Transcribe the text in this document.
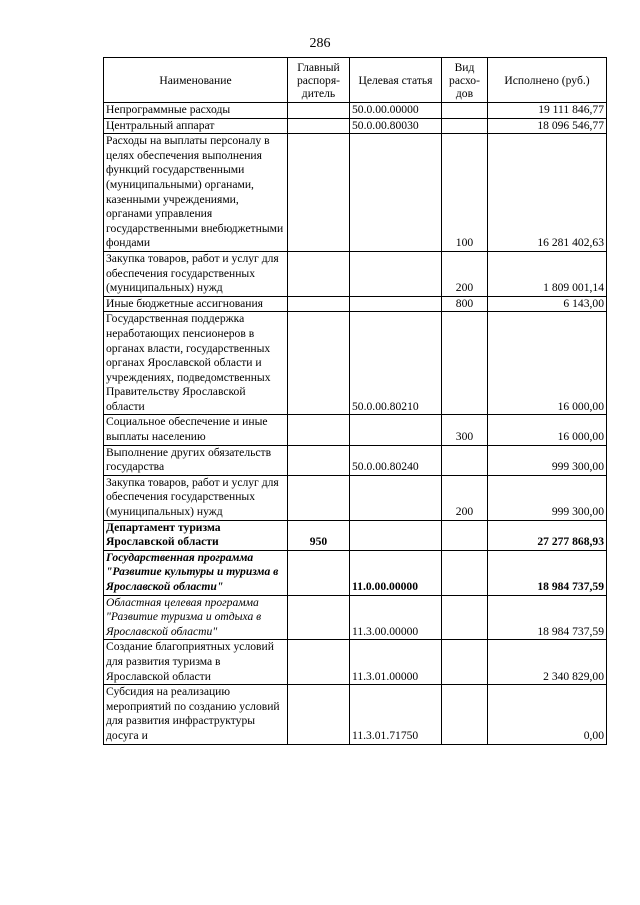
286
Наименование	Главный распоря-дитель	Целевая статья	Вид расхо-дов	Исполнено (руб.)
Непрограммные расходы		50.0.00.00000		19 111 846,77
Центральный аппарат		50.0.00.80030		18 096 546,77
Расходы на выплаты персоналу в целях обеспечения выполнения функций государственными (муниципальными) органами, казенными учреждениями, органами управления государственными внебюджетными фондами			100	16 281 402,63
Закупка товаров, работ и услуг для обеспечения государственных (муниципальных) нужд			200	1 809 001,14
Иные бюджетные ассигнования			800	6 143,00
Государственная поддержка неработающих пенсионеров в органах власти, государственных органах Ярославской области и учреждениях, подведомственных Правительству Ярославской области		50.0.00.80210		16 000,00
Социальное обеспечение и иные выплаты населению			300	16 000,00
Выполнение других обязательств государства		50.0.00.80240		999 300,00
Закупка товаров, работ и услуг для обеспечения государственных (муниципальных) нужд			200	999 300,00
Департамент туризма Ярославской области	950			27 277 868,93
Государственная программа "Развитие культуры и туризма в Ярославской области"		11.0.00.00000		18 984 737,59
Областная целевая программа "Развитие туризма и отдыха в Ярославской области"		11.3.00.00000		18 984 737,59
Создание благоприятных условий для развития туризма в Ярославской области		11.3.01.00000		2 340 829,00
Субсидия на реализацию мероприятий по созданию условий для развития инфраструктуры досуга и		11.3.01.71750		0,00
